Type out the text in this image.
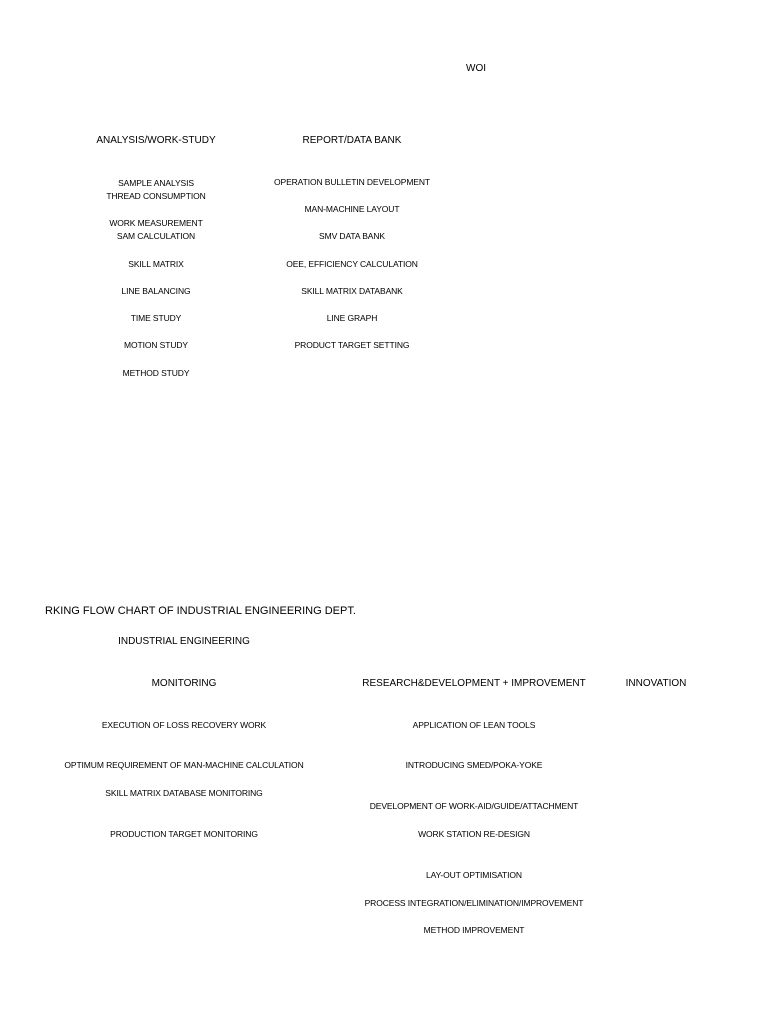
WOI
ANALYSIS/WORK-STUDY
SAMPLE ANALYSIS
THREAD CONSUMPTION
WORK MEASUREMENT
SAM CALCULATION
SKILL MATRIX
LINE BALANCING
TIME STUDY
MOTION STUDY
METHOD STUDY
REPORT/DATA BANK
OPERATION BULLETIN DEVELOPMENT
MAN-MACHINE LAYOUT
SMV DATA BANK
OEE, EFFICIENCY CALCULATION
SKILL MATRIX DATABANK
LINE GRAPH
PRODUCT TARGET SETTING
RKING FLOW CHART OF INDUSTRIAL ENGINEERING DEPT.
INDUSTRIAL ENGINEERING
MONITORING	RESEARCH&DEVELOPMENT + IMPROVEMENT	INNOVATION
EXECUTION OF LOSS RECOVERY WORK
OPTIMUM REQUIREMENT OF MAN-MACHINE CALCULATION
SKILL MATRIX DATABASE MONITORING
PRODUCTION TARGET MONITORING
APPLICATION OF LEAN TOOLS
INTRODUCING SMED/POKA-YOKE
DEVELOPMENT OF WORK-AID/GUIDE/ATTACHMENT
WORK STATION RE-DESIGN
LAY-OUT OPTIMISATION
PROCESS INTEGRATION/ELIMINATION/IMPROVEMENT
METHOD IMPROVEMENT
